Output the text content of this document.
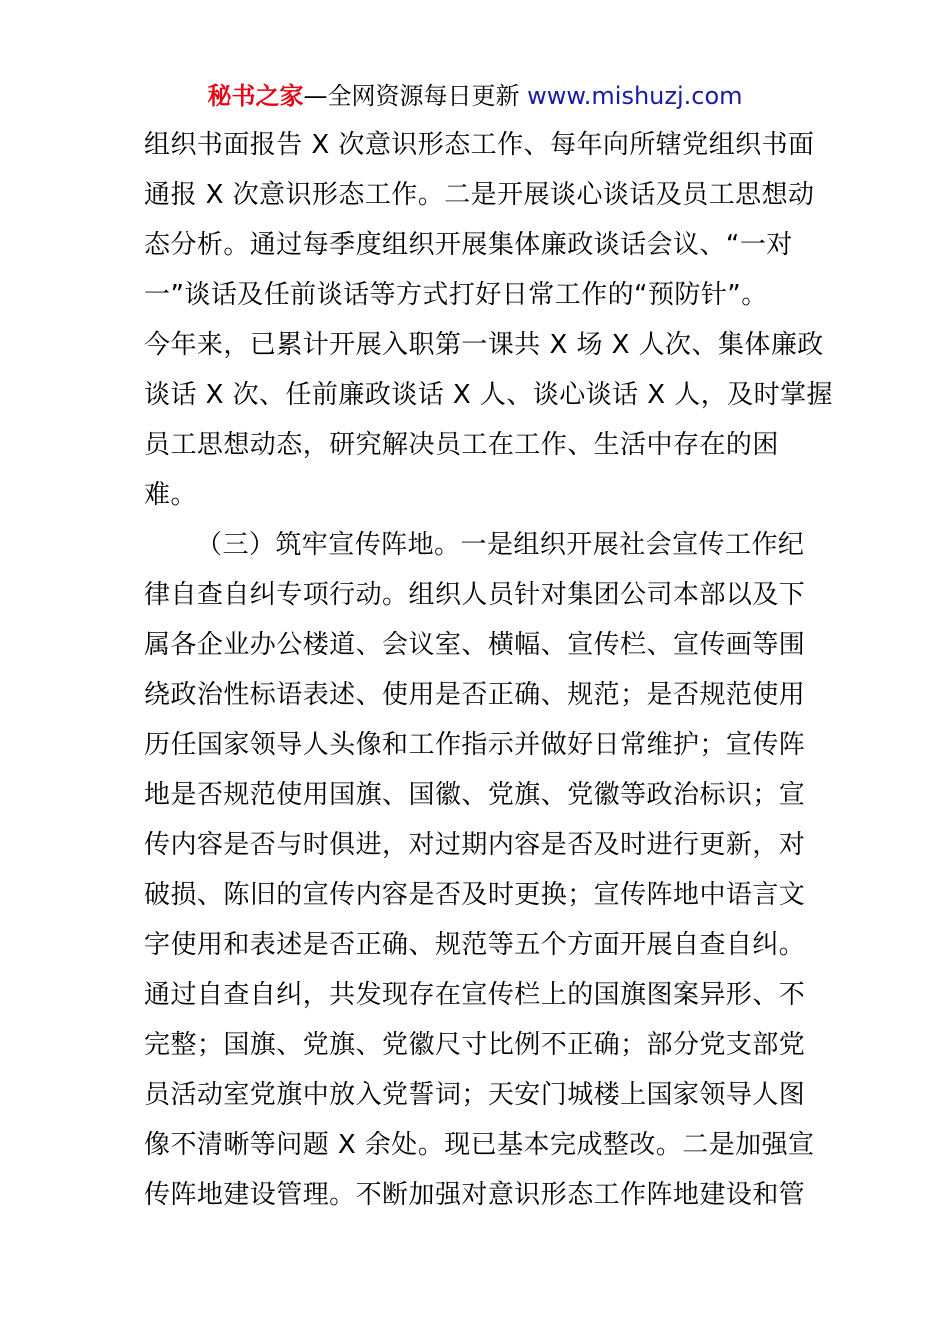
秘书之家—全网资源每日更新 www.mishuzj.com
组织书面报告 X 次意识形态工作、每年向所辖党组织书面
通报 X 次意识形态工作。二是开展谈心谈话及员工思想动
态分析。通过每季度组织开展集体廉政谈话会议、“一对
一”谈话及任前谈话等方式打好日常工作的“预防针”。
今年来，已累计开展入职第一课共 X 场 X 人次、集体廉政
谈话 X 次、任前廉政谈话 X 人、谈心谈话 X 人，及时掌握
员工思想动态，研究解决员工在工作、生活中存在的困
难。
（三）筑牢宣传阵地。一是组织开展社会宣传工作纪
律自查自纠专项行动。组织人员针对集团公司本部以及下
属各企业办公楼道、会议室、横幅、宣传栏、宣传画等围
绕政治性标语表述、使用是否正确、规范；是否规范使用
历任国家领导人头像和工作指示并做好日常维护；宣传阵
地是否规范使用国旗、国徽、党旗、党徽等政治标识；宣
传内容是否与时俱进，对过期内容是否及时进行更新，对
破损、陈旧的宣传内容是否及时更换；宣传阵地中语言文
字使用和表述是否正确、规范等五个方面开展自查自纠。
通过自查自纠，共发现存在宣传栏上的国旗图案异形、不
完整；国旗、党旗、党徽尺寸比例不正确；部分党支部党
员活动室党旗中放入党誓词；天安门城楼上国家领导人图
像不清晰等问题 X 余处。现已基本完成整改。二是加强宣
传阵地建设管理。不断加强对意识形态工作阵地建设和管
